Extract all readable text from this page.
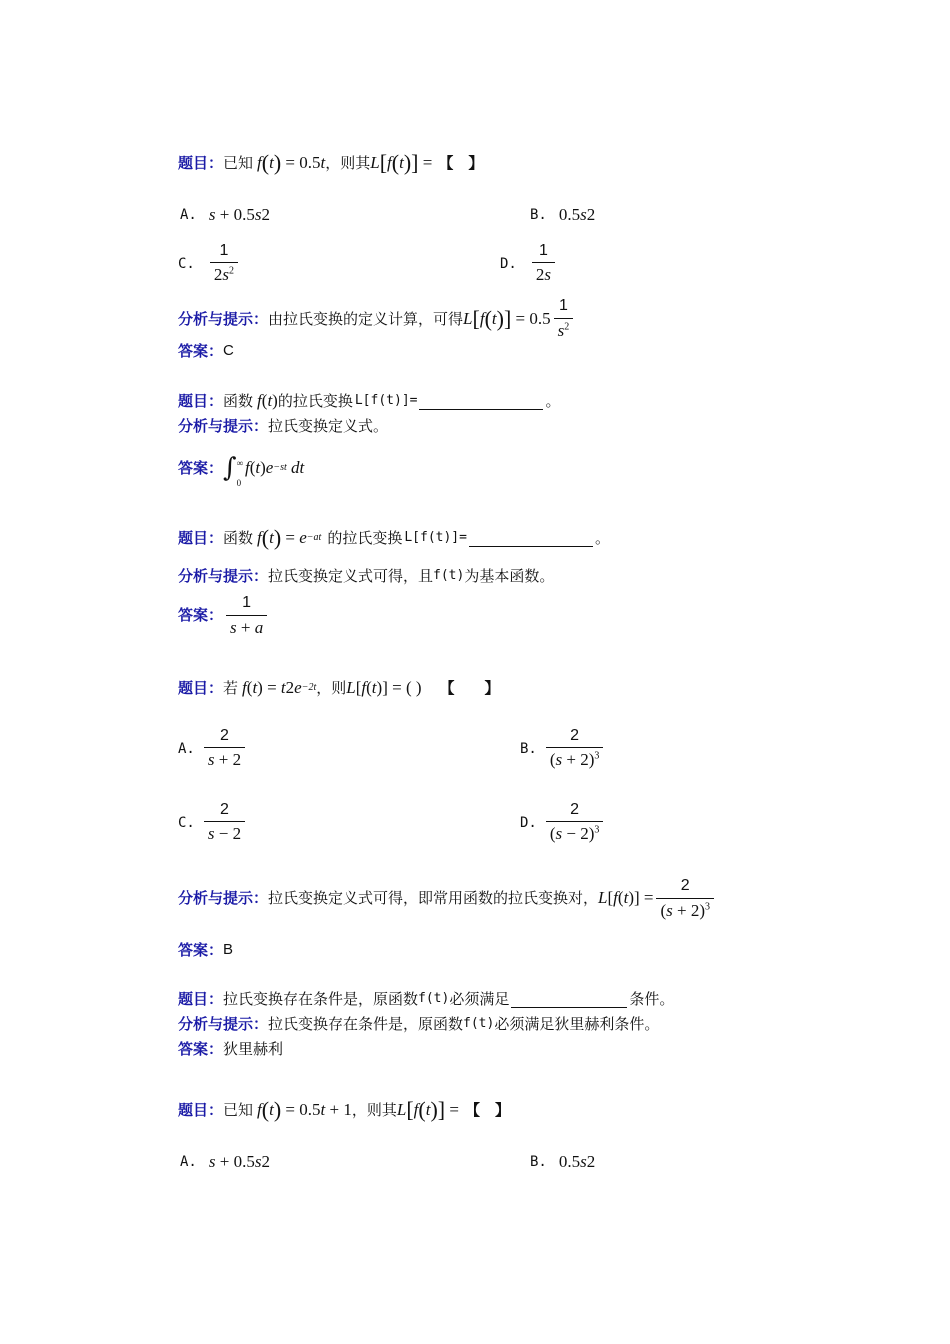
题目： 已知 f ( t ) = 0.5 t ，则其 L [ f ( t )] = 【　】
A. s + 0.5 s 2	B. 0.5 s 2
C. $\frac{1}{2s^2}$	D. $\frac{1}{2s}$
分析与提示： 由拉氏变换的定义计算，可得 L [ f ( t )] = $0.5 \frac{1}{s^2}$
答案： C
题目： 函数 f ( t ) 的拉氏变换 L[f(t)]=	。
分析与提示： 拉氏变换定义式。
答案： ∫ ∞
0
f ( t ) e −st dt
题目： 函数 f ( t ) = e −at 的拉氏变换 L[f(t)]=	。
分析与提示： 拉氏变换定义式可得，且 f(t) 为基本函数。
答案： $\frac{1}{s + a}$
题目： 若 f ( t ) = t 2 e −2t ，则 L [ f ( t )] = ( ) 【　　】
A. $\frac{2}{s + 2}$	B. $\frac{2}{(s + 2)^3}$
C. $\frac{2}{s - 2}$	D. $\frac{2}{(s - 2)^3}$
分析与提示： 拉氏变换定义式可得，即常用函数的拉氏变换对， L [ f ( t )] = $\frac{2}{(s + 2)^3}$
答案： B
题目： 拉氏变换存在条件是，原函数 f(t) 必须满足	条件。
分析与提示： 拉氏变换存在条件是，原函数 f(t) 必须满足狄里赫利条件。
答案： 狄里赫利
题目： 已知 f ( t ) = 0.5 t + 1 ，则其 L [ f ( t )] = 【　】
A. s + 0.5 s 2	B. 0.5 s 2
